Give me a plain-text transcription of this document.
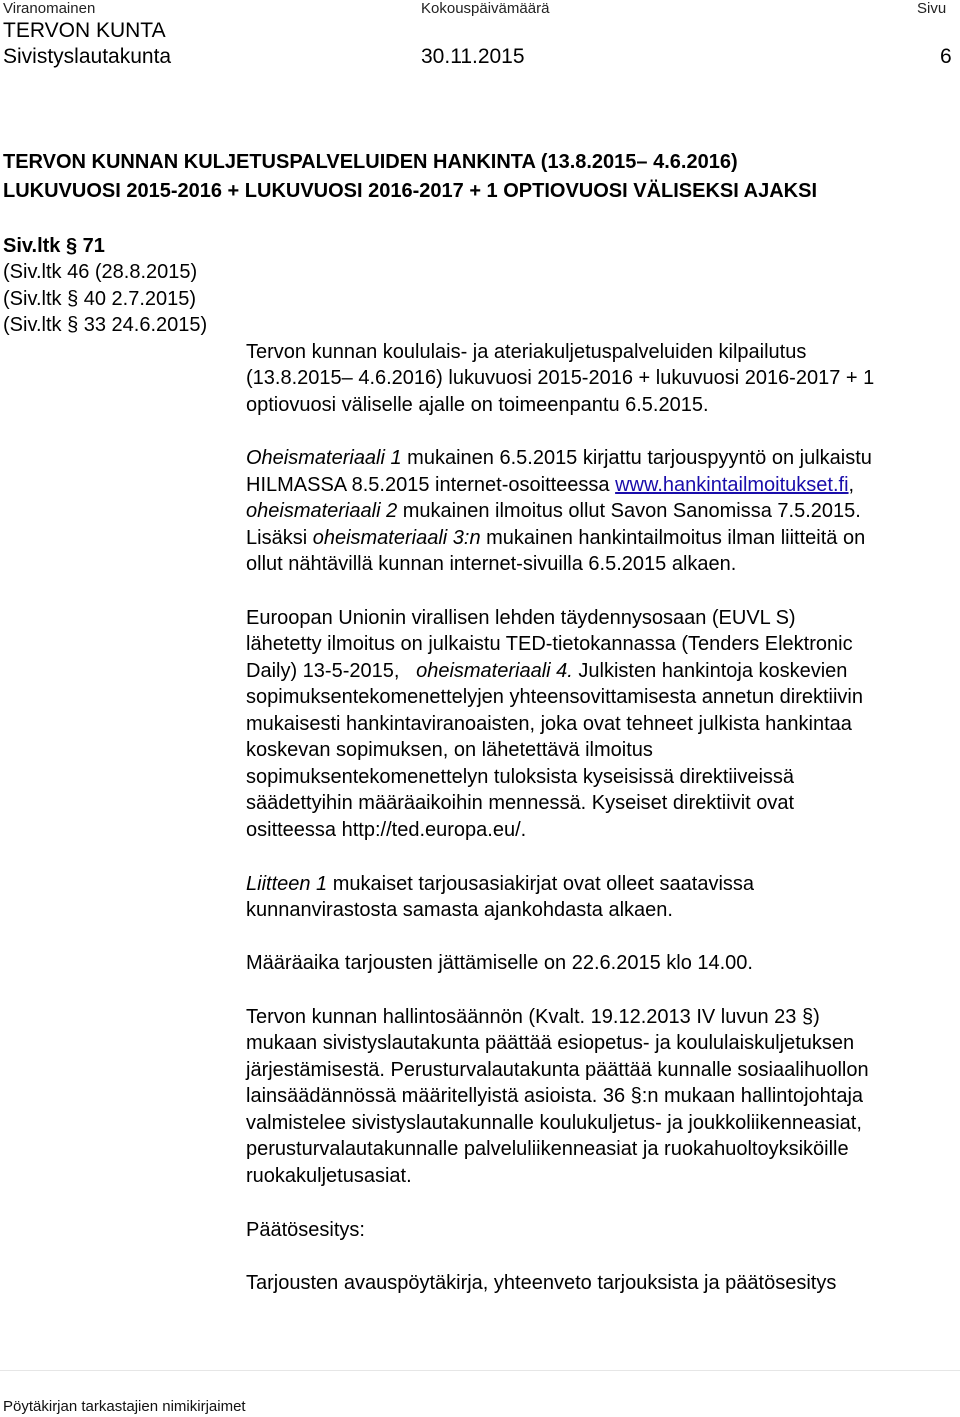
Viranomainen	Kokouspäivämäärä	Sivu
TERVON KUNTA
Sivistyslautakunta	30.11.2015	6
TERVON KUNNAN KULJETUSPALVELUIDEN HANKINTA (13.8.2015– 4.6.2016)
LUKUVUOSI 2015-2016 + LUKUVUOSI 2016-2017 + 1 OPTIOVUOSI VÄLISEKSI AJAKSI
Siv.ltk § 71
(Siv.ltk 46 (28.8.2015)
(Siv.ltk § 40 2.7.2015)
(Siv.ltk § 33 24.6.2015)
Tervon kunnan koululais- ja ateriakuljetuspalveluiden kilpailutus
(13.8.2015– 4.6.2016) lukuvuosi 2015-2016 + lukuvuosi 2016-2017 + 1
optiovuosi väliselle ajalle on toimeenpantu 6.5.2015.
Oheismateriaali 1 mukainen 6.5.2015 kirjattu tarjouspyyntö on julkaistu
HILMASSA 8.5.2015 internet-osoitteessa www.hankintailmoitukset.fi,
oheismateriaali 2 mukainen ilmoitus ollut Savon Sanomissa 7.5.2015.
Lisäksi oheismateriaali 3:n mukainen hankintailmoitus ilman liitteitä on
ollut nähtävillä kunnan internet-sivuilla 6.5.2015 alkaen.
Euroopan Unionin virallisen lehden täydennysosaan (EUVL S)
lähetetty ilmoitus on julkaistu TED-tietokannassa (Tenders Elektronic
Daily) 13-5-2015,   oheismateriaali 4. Julkisten hankintoja koskevien
sopimuksentekomenettelyjen yhteensovittamisesta annetun direktiivin
mukaisesti hankintaviranoaisten, joka ovat tehneet julkista hankintaa
koskevan sopimuksen, on lähetettävä ilmoitus
sopimuksentekomenettelyn tuloksista kyseisissä direktiiveissä
säädettyihin määräaikoihin mennessä. Kyseiset direktiivit ovat
ositteessa http://ted.europa.eu/.
Liitteen 1 mukaiset tarjousasiakirjat ovat olleet saatavissa
kunnanvirastosta samasta ajankohdasta alkaen.
Määräaika tarjousten jättämiselle on 22.6.2015 klo 14.00.
Tervon kunnan hallintosäännön (Kvalt. 19.12.2013 IV luvun 23 §)
mukaan sivistyslautakunta päättää esiopetus- ja koululaiskuljetuksen
järjestämisestä. Perusturvalautakunta päättää kunnalle sosiaalihuollon
lainsäädännössä määritellyistä asioista. 36 §:n mukaan hallintojohtaja
valmistelee sivistyslautakunnalle koulukuljetus- ja joukkoliikenneasiat,
perusturvalautakunnalle palveluliikenneasiat ja ruokahuoltoyksiköille
ruokakuljetusasiat.
Päätösesitys:
Tarjousten avauspöytäkirja, yhteenveto tarjouksista ja päätösesitys
Pöytäkirjan tarkastajien nimikirjaimet
